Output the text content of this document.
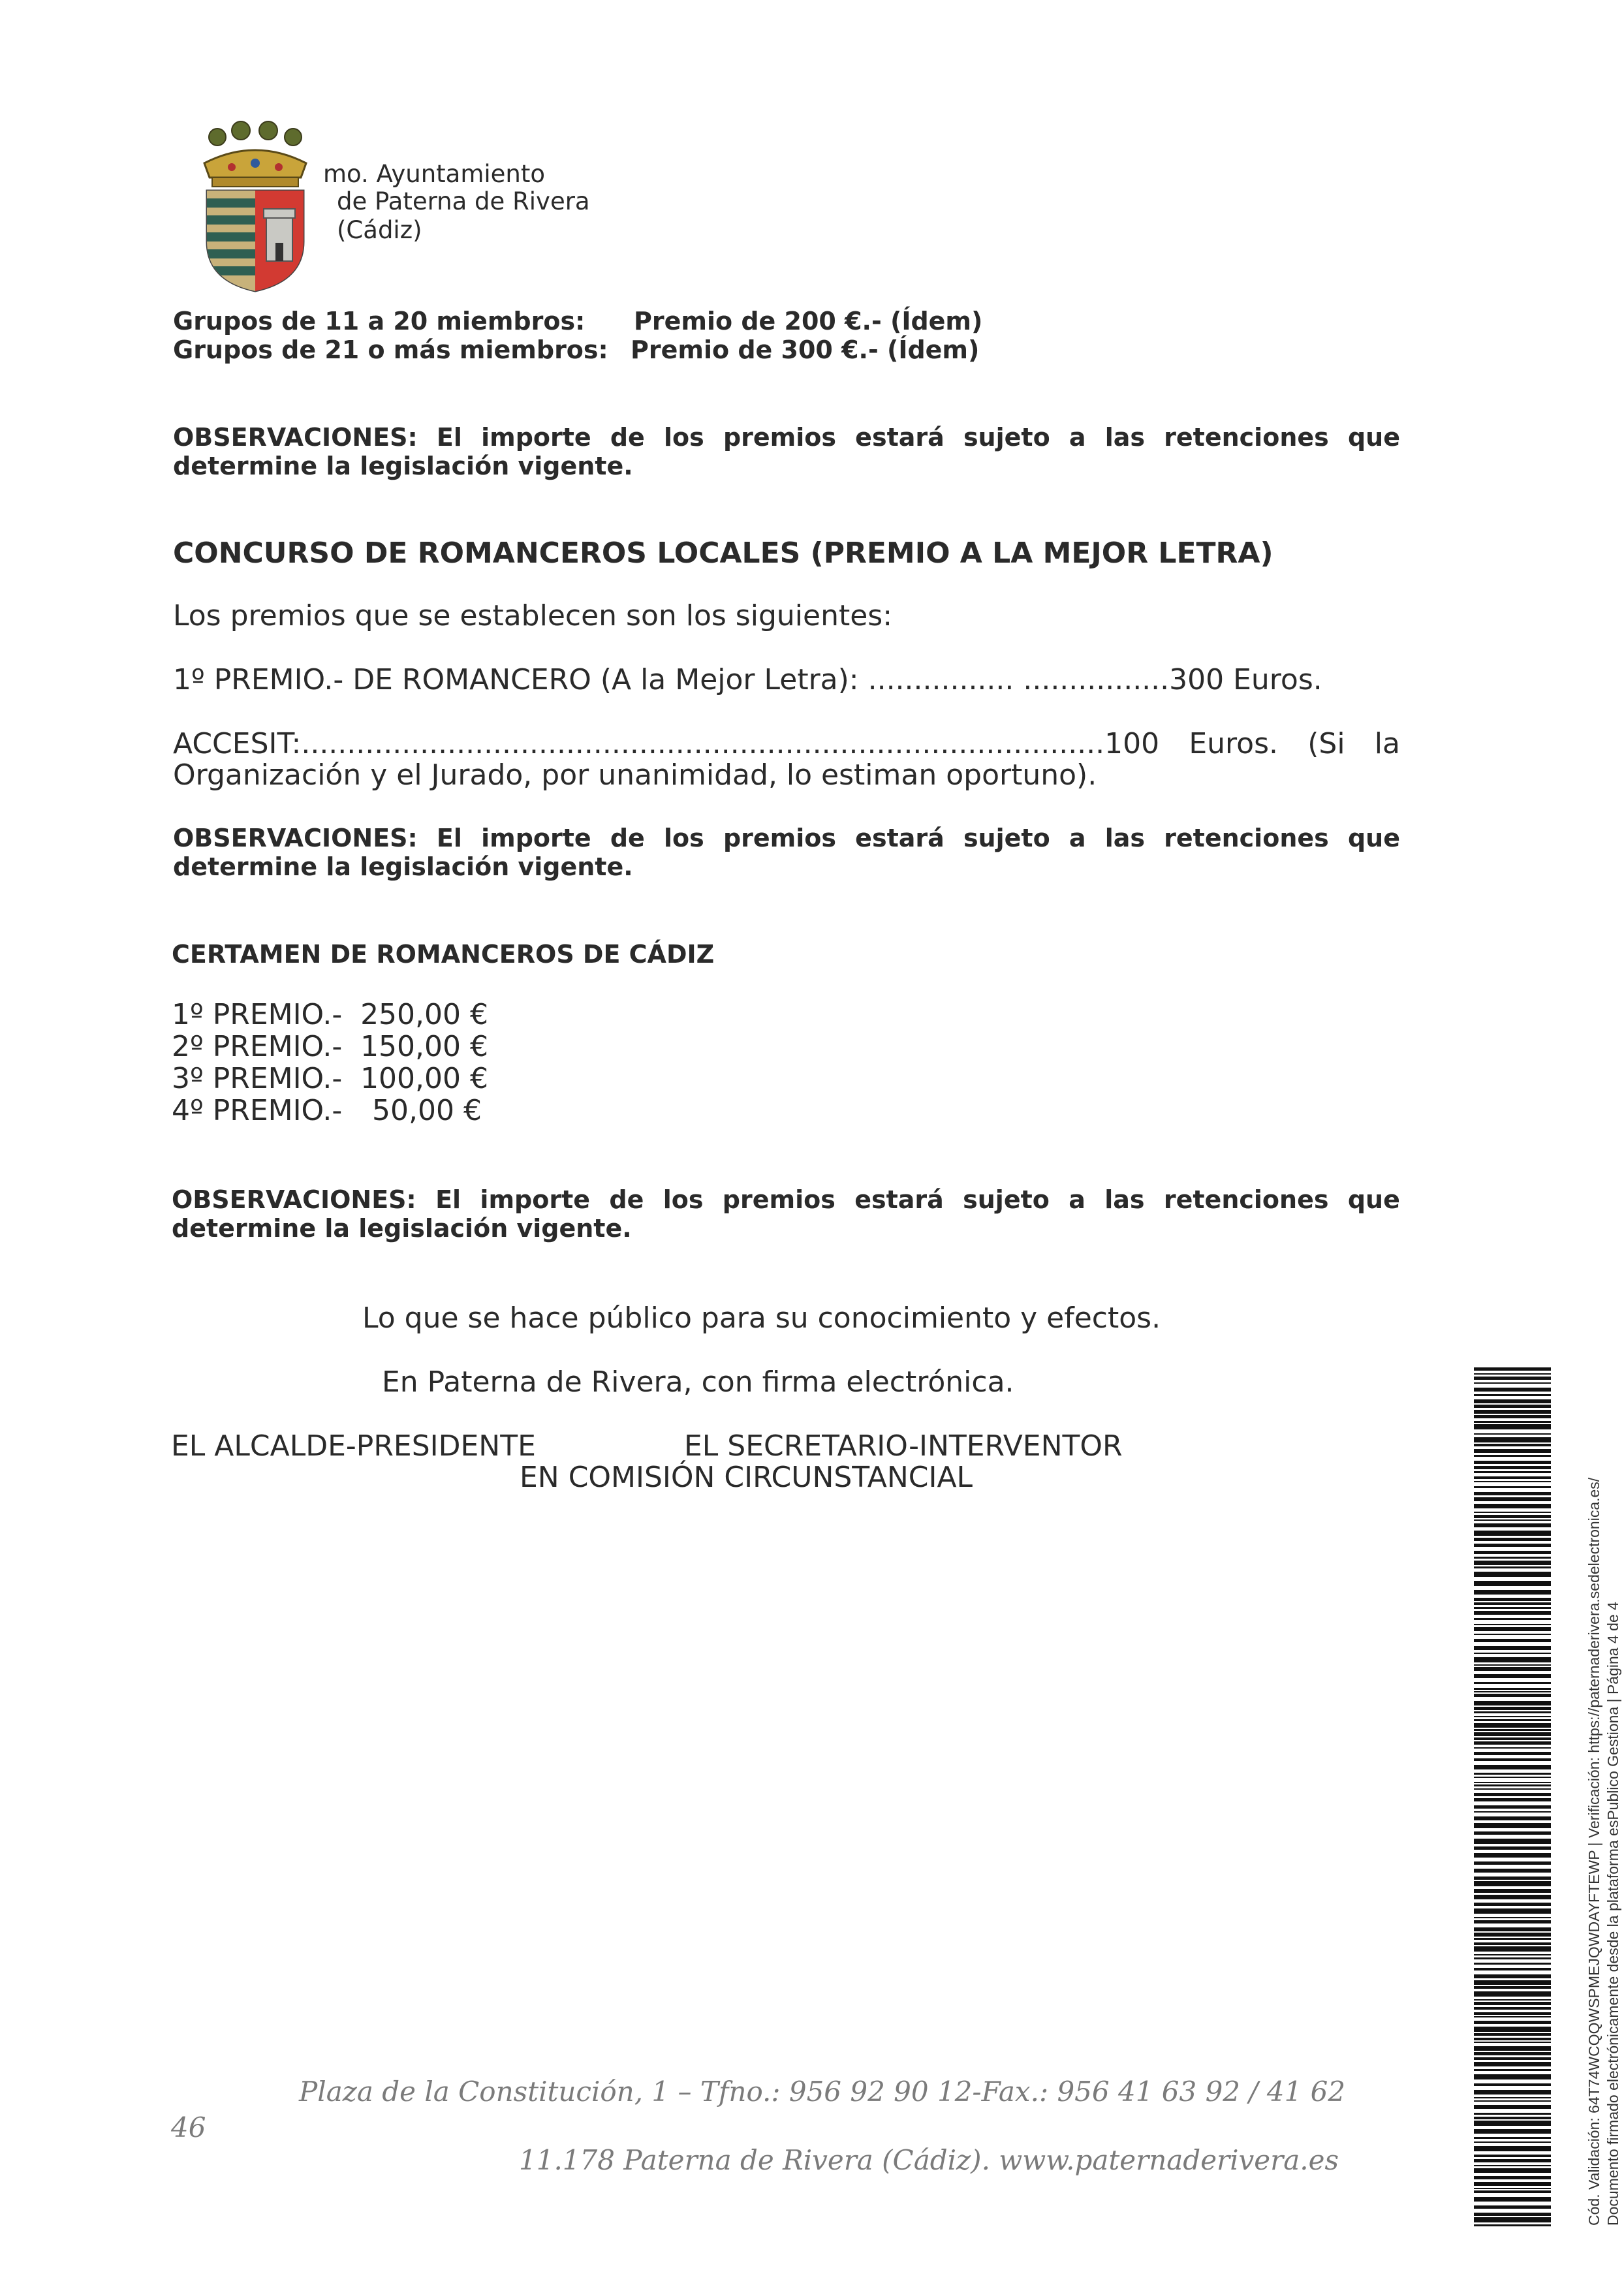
mo. Ayuntamiento
de Paterna de Rivera
(Cádiz)
Grupos de 11 a 20 miembros: Premio de 200 €.- (Ídem)
Grupos de 21 o más miembros: Premio de 300 €.- (Ídem)
OBSERVACIONES: El importe de los premios estará sujeto a las retenciones que
determine la legislación vigente.
CONCURSO DE ROMANCEROS LOCALES (PREMIO A LA MEJOR LETRA)
Los premios que se establecen son los siguientes:
1º PREMIO.- DE ROMANCERO (A la Mejor Letra): ................ ................300 Euros.
ACCESIT:........................................................................................100 Euros. (Si la
Organización y el Jurado, por unanimidad, lo estiman oportuno).
OBSERVACIONES: El importe de los premios estará sujeto a las retenciones que
determine la legislación vigente.
CERTAMEN DE ROMANCEROS DE CÁDIZ
1º PREMIO.- 250,00 €
2º PREMIO.- 150,00 €
3º PREMIO.- 100,00 €
4º PREMIO.- 50,00 €
OBSERVACIONES: El importe de los premios estará sujeto a las retenciones que
determine la legislación vigente.
Lo que se hace público para su conocimiento y efectos.
En Paterna de Rivera, con firma electrónica.
EL ALCALDE-PRESIDENTE	EL SECRETARIO-INTERVENTOR
EN COMISIÓN CIRCUNSTANCIAL
Plaza de la Constitución, 1 – Tfno.: 956 92 90 12-Fax.: 956 41 63 92 / 41 62
46
11.178 Paterna de Rivera (Cádiz). www.paternaderivera.es	Cód. Validación: 64T74WCQQWSPMEJQWDAYFTEWP | Verificación: https://paternaderivera.sedelectronica.es/ Documento firmado electrónicamente desde la plataforma esPublico Gestiona | Página 4 de 4
